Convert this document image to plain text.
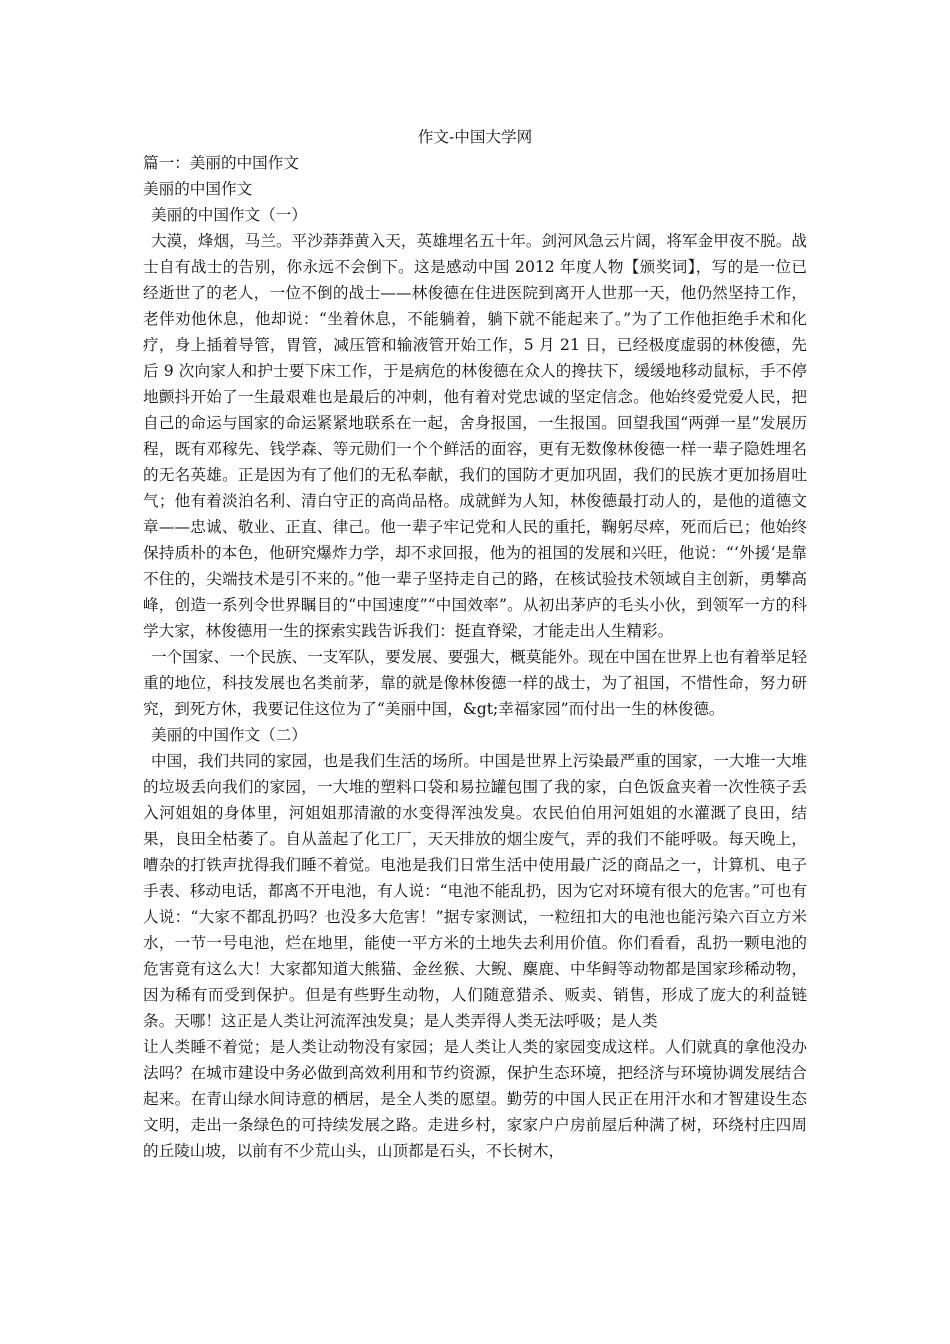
作文-中国大学网

篇一：美丽的中国作文

美丽的中国作文

美丽的中国作文（一）

大漠，烽烟，马兰。平沙莽莽黄入天，英雄埋名五十年。剑河风急云片阔，将军金甲夜不脱。战士自有战士的告别，你永远不会倒下。这是感动中国 2012 年度人物【颁奖词】，写的是一位已经逝世了的老人，一位不倒的战士——林俊德在住进医院到离开人世那一天，他仍然坚持工作，老伴劝他休息，他却说：“坐着休息，不能躺着，躺下就不能起来了。”为了工作他拒绝手术和化疗，身上插着导管，胃管，减压管和输液管开始工作，5 月 21 日，已经极度虚弱的林俊德，先后 9 次向家人和护士要下床工作，于是病危的林俊德在众人的搀扶下，缓缓地移动鼠标，手不停地颤抖开始了一生最艰难也是最后的冲刺，他有着对党忠诚的坚定信念。他始终爱党爱人民，把自己的命运与国家的命运紧紧地联系在一起，舍身报国，一生报国。回望我国“两弹一星”发展历程，既有邓稼先、钱学森、等元勋们一个个鲜活的面容，更有无数像林俊德一样一辈子隐姓埋名的无名英雄。正是因为有了他们的无私奉献，我们的国防才更加巩固，我们的民族才更加扬眉吐气；他有着淡泊名利、清白守正的高尚品格。成就鲜为人知，林俊德最打动人的，是他的道德文章——忠诚、敬业、正直、律己。他一辈子牢记党和人民的重托，鞠躬尽瘁，死而后已；他始终保持质朴的本色，他研究爆炸力学，却不求回报，他为的祖国的发展和兴旺，他说：“‘外援‘是靠不住的，尖端技术是引不来的。”他一辈子坚持走自己的路，在核试验技术领域自主创新，勇攀高峰，创造一系列令世界瞩目的“中国速度”“中国效率”。从初出茅庐的毛头小伙，到领军一方的科学大家，林俊德用一生的探索实践告诉我们：挺直脊梁，才能走出人生精彩。

一个国家、一个民族、一支军队，要发展、要强大，概莫能外。现在中国在世界上也有着举足轻重的地位，科技发展也名类前茅，靠的就是像林俊德一样的战士，为了祖国，不惜性命，努力研究，到死方休，我要记住这位为了“美丽中国，&gt;幸福家园”而付出一生的林俊德。

美丽的中国作文（二）

中国，我们共同的家园，也是我们生活的场所。中国是世界上污染最严重的国家，一大堆一大堆的垃圾丢向我们的家园，一大堆的塑料口袋和易拉罐包围了我的家，白色饭盒夹着一次性筷子丢入河姐姐的身体里，河姐姐那清澈的水变得浑浊发臭。农民伯伯用河姐姐的水灌溉了良田，结果，良田全枯萎了。自从盖起了化工厂，天天排放的烟尘废气，弄的我们不能呼吸。每天晚上，嘈杂的打铁声扰得我们睡不着觉。电池是我们日常生活中使用最广泛的商品之一，计算机、电子手表、移动电话，都离不开电池，有人说：“电池不能乱扔，因为它对环境有很大的危害。”可也有人说：“大家不都乱扔吗？也没多大危害！”据专家测试，一粒纽扣大的电池也能污染六百立方米水，一节一号电池，烂在地里，能使一平方米的土地失去利用价值。你们看看，乱扔一颗电池的危害竟有这么大！大家都知道大熊猫、金丝猴、大鲵、麋鹿、中华鲟等动物都是国家珍稀动物，因为稀有而受到保护。但是有些野生动物，人们随意猎杀、贩卖、销售，形成了庞大的利益链条。天哪！这正是人类让河流浑浊发臭；是人类弄得人类无法呼吸；是人类

让人类睡不着觉；是人类让动物没有家园；是人类让人类的家园变成这样。人们就真的拿他没办法吗？在城市建设中务必做到高效利用和节约资源，保护生态环境，把经济与环境协调发展结合起来。在青山绿水间诗意的栖居，是全人类的愿望。勤劳的中国人民正在用汗水和才智建设生态文明，走出一条绿色的可持续发展之路。走进乡村，家家户户房前屋后种满了树，环绕村庄四周的丘陵山坡，以前有不少荒山头，山顶都是石头，不长树木，
